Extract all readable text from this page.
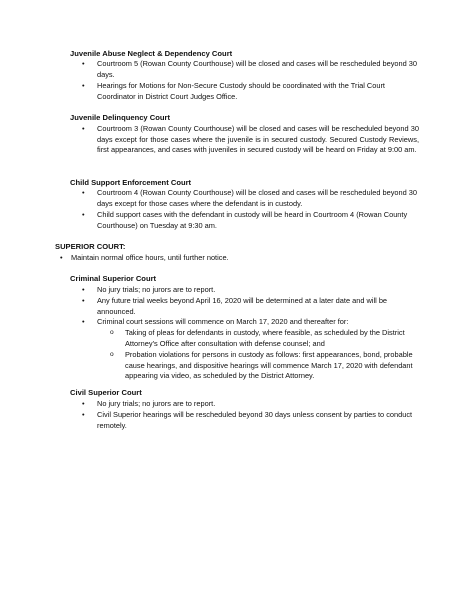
Juvenile Abuse Neglect & Dependency Court
• Courtroom 5 (Rowan County Courthouse) will be closed and cases will be rescheduled beyond 30 days.
• Hearings for Motions for Non-Secure Custody should be coordinated with the Trial Court Coordinator in District Court Judges Office.
Juvenile Delinquency Court
• Courtroom 3 (Rowan County Courthouse) will be closed and cases will be rescheduled beyond 30 days except for those cases where the juvenile is in secured custody. Secured Custody Reviews, first appearances, and cases with juveniles in secured custody will be heard on Friday at 9:00 am.
Child Support Enforcement Court
• Courtroom 4 (Rowan County Courthouse) will be closed and cases will be rescheduled beyond 30 days except for those cases where the defendant is in custody.
• Child support cases with the defendant in custody will be heard in Courtroom 4 (Rowan County Courthouse) on Tuesday at 9:30 am.
SUPERIOR COURT:
• Maintain normal office hours, until further notice.
Criminal Superior Court
• No jury trials; no jurors are to report.
• Any future trial weeks beyond April 16, 2020 will be determined at a later date and will be announced.
• Criminal court sessions will commence on March 17, 2020 and thereafter for:
o Taking of pleas for defendants in custody, where feasible, as scheduled by the District Attorney’s Office after consultation with defense counsel; and
o Probation violations for persons in custody as follows: first appearances, bond, probable cause hearings, and dispositive hearings will commence March 17, 2020 with defendant appearing via video, as scheduled by the District Attorney.
Civil Superior Court
• No jury trials; no jurors are to report.
• Civil Superior hearings will be rescheduled beyond 30 days unless consent by parties to conduct remotely.
